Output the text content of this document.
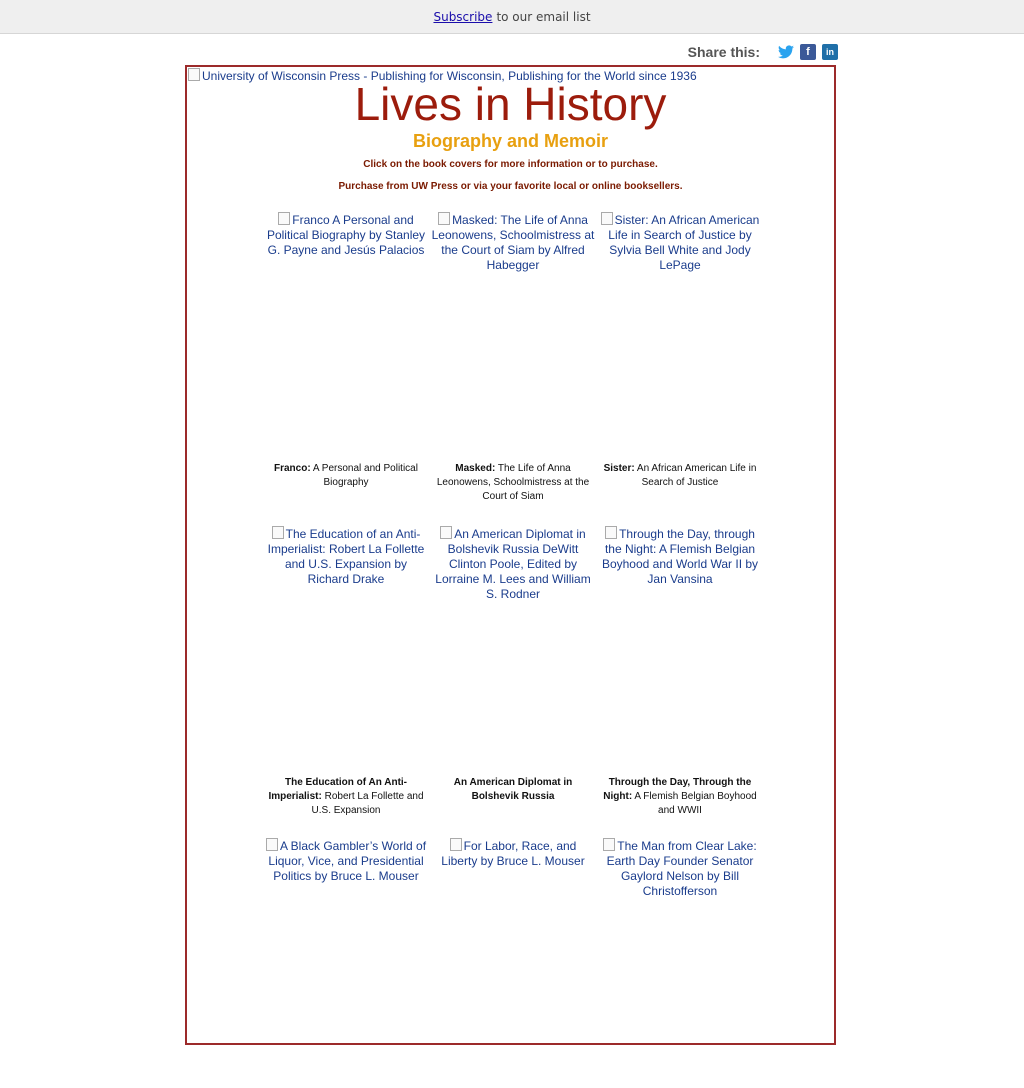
Subscribe to our email list
Share this:	f	in
University of Wisconsin Press - Publishing for Wisconsin, Publishing for the World since 1936
Lives in History
Biography and Memoir
Click on the book covers for more information or to purchase.
Purchase from UW Press or via your favorite local or online booksellers.
Franco A Personal and Political Biography by Stanley G. Payne and Jesús Palacios
Franco: A Personal and Political Biography
Masked: The Life of Anna Leonowens, Schoolmistress at the Court of Siam by Alfred Habegger
Masked: The Life of Anna Leonowens, Schoolmistress at the Court of Siam
Sister: An African American Life in Search of Justice by Sylvia Bell White and Jody LePage
Sister: An African American Life in Search of Justice
The Education of an Anti-Imperialist: Robert La Follette and U.S. Expansion by Richard Drake
The Education of An Anti-Imperialist: Robert La Follette and U.S. Expansion
An American Diplomat in Bolshevik Russia DeWitt Clinton Poole, Edited by Lorraine M. Lees and William S. Rodner
An American Diplomat in Bolshevik Russia
Through the Day, through the Night: A Flemish Belgian Boyhood and World War II by Jan Vansina
Through the Day, Through the Night: A Flemish Belgian Boyhood and WWII
A Black Gambler’s World of Liquor, Vice, and Presidential Politics by Bruce L. Mouser
For Labor, Race, and Liberty by Bruce L. Mouser
The Man from Clear Lake: Earth Day Founder Senator Gaylord Nelson by Bill Christofferson
